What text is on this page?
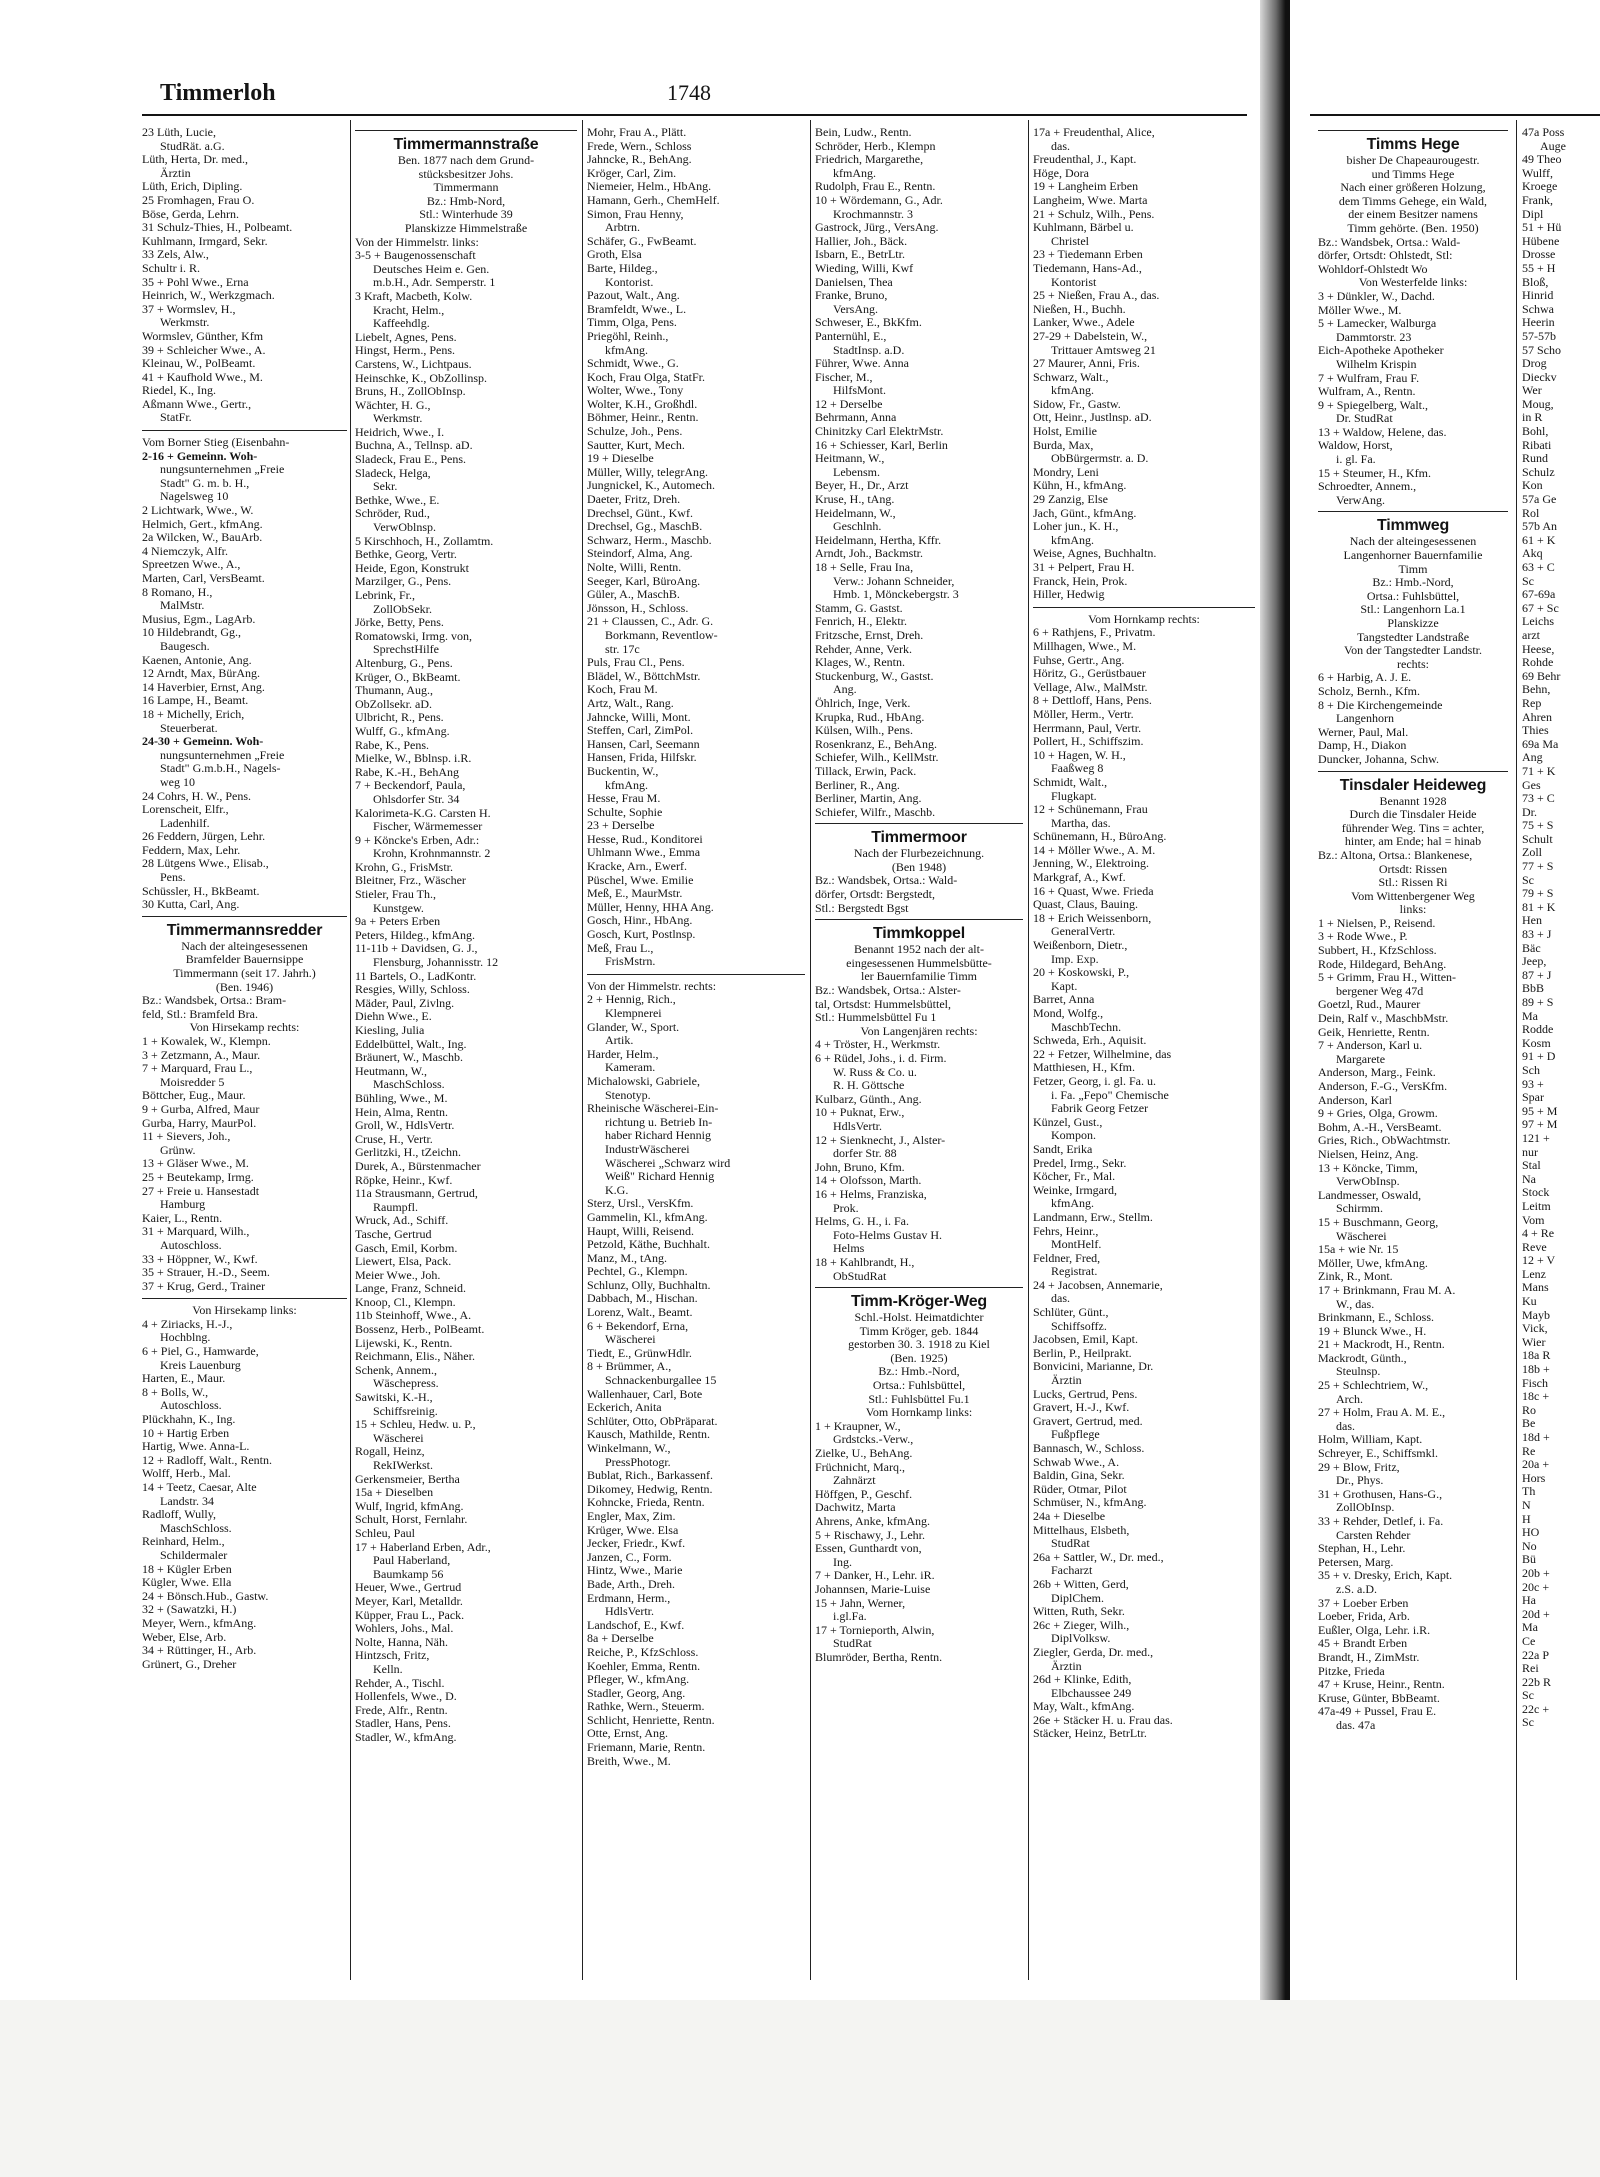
Timmerloh	1748
23 Lüth, Lucie,
StudRät. a.G.
Lüth, Herta, Dr. med.,
Ärztin
Lüth, Erich, Dipling.
25 Fromhagen, Frau O.
Böse, Gerda, Lehrn.
31 Schulz-Thies, H., Polbeamt.
Kuhlmann, Irmgard, Sekr.
33 Zels, Alw.,
Schultr i. R.
35 + Pohl Wwe., Erna
Heinrich, W., Werkzgmach.
37 + Wormslev, H.,
Werkmstr.
Wormslev, Günther, Kfm
39 + Schleicher Wwe., A.
Kleinau, W., PolBeamt.
41 + Kaufhold Wwe., M.
Riedel, K., Ing.
Aßmann Wwe., Gertr.,
StatFr.
Vom Borner Stieg (Eisenbahn-
2-16 + Gemeinn. Woh-
nungsunternehmen „Freie
Stadt" G. m. b. H.,
Nagelsweg 10
2 Lichtwark, Wwe., W.
Helmich, Gert., kfmAng.
2a Wilcken, W., BauArb.
4 Niemczyk, Alfr.
Spreetzen Wwe., A.,
Marten, Carl, VersBeamt.
8 Romano, H.,
MalMstr.
Musius, Egm., LagArb.
10 Hildebrandt, Gg.,
Baugesch.
Kaenen, Antonie, Ang.
12 Arndt, Max, BürAng.
14 Haverbier, Ernst, Ang.
16 Lampe, H., Beamt.
18 + Michelly, Erich,
Steuerberat.
24-30 + Gemeinn. Woh-
nungsunternehmen „Freie
Stadt" G.m.b.H., Nagels-
weg 10
24 Cohrs, H. W., Pens.
Lorenscheit, Elfr.,
Ladenhilf.
26 Feddern, Jürgen, Lehr.
Feddern, Max, Lehr.
28 Lütgens Wwe., Elisab.,
Pens.
Schüssler, H., BkBeamt.
30 Kutta, Carl, Ang.
Timmermannsredder
Nach der alteingesessenen
Bramfelder Bauernsippe
Timmermann (seit 17. Jahrh.)
(Ben. 1946)
Bz.: Wandsbek, Ortsa.: Bram-
feld, Stl.: Bramfeld Bra.
Von Hirsekamp rechts:
1 + Kowalek, W., Klempn.
3 + Zetzmann, A., Maur.
7 + Marquard, Frau L.,
Moisredder 5
Böttcher, Eug., Maur.
9 + Gurba, Alfred, Maur
Gurba, Harry, MaurPol.
11 + Sievers, Joh.,
Grünw.
13 + Gläser Wwe., M.
25 + Beutekamp, Irmg.
27 + Freie u. Hansestadt
Hamburg
Kaier, L., Rentn.
31 + Marquard, Wilh.,
Autoschloss.
33 + Höppner, W., Kwf.
35 + Strauer, H.-D., Seem.
37 + Krug, Gerd., Trainer
Von Hirsekamp links:
4 + Ziriacks, H.-J.,
Hochblng.
6 + Piel, G., Hamwarde,
Kreis Lauenburg
Harten, E., Maur.
8 + Bolls, W.,
Autoschloss.
Plückhahn, K., Ing.
10 + Hartig Erben
Hartig, Wwe. Anna-L.
12 + Radloff, Walt., Rentn.
Wolff, Herb., Mal.
14 + Teetz, Caesar, Alte
Landstr. 34
Radloff, Wully,
MaschSchloss.
Reinhard, Helm.,
Schildermaler
18 + Kügler Erben
Kügler, Wwe. Ella
24 + Bönsch.Hub., Gastw.
32 + (Sawatzki, H.)
Meyer, Wern., kfmAng.
Weber, Else, Arb.
34 + Rüttinger, H., Arb.
Grünert, G., Dreher
Timmermannstraße
Ben. 1877 nach dem Grund-
stücksbesitzer Johs.
Timmermann
Bz.: Hmb-Nord,
Stl.: Winterhude 39
Planskizze Himmelstraße
Von der Himmelstr. links:
3-5 + Baugenossenschaft
Deutsches Heim e. Gen.
m.b.H., Adr. Semperstr. 1
3 Kraft, Macbeth, Kolw.
Kracht, Helm.,
Kaffeehdlg.
Liebelt, Agnes, Pens.
Hingst, Herm., Pens.
Carstens, W., Lichtpaus.
Heinschke, K., ObZollinsp.
Bruns, H., ZollObInsp.
Wächter, H. G.,
Werkmstr.
Heidrich, Wwe., I.
Buchna, A., Tellnsp. aD.
Sladeck, Frau E., Pens.
Sladeck, Helga,
Sekr.
Bethke, Wwe., E.
Schröder, Rud.,
VerwOblnsp.
5 Kirschhoch, H., Zollamtm.
Bethke, Georg, Vertr.
Heide, Egon, Konstrukt
Marzilger, G., Pens.
Lebrink, Fr.,
ZollObSekr.
Jörke, Betty, Pens.
Romatowski, Irmg. von,
SprechstHilfe
Altenburg, G., Pens.
Krüger, O., BkBeamt.
Thumann, Aug.,
ObZollsekr. aD.
Ulbricht, R., Pens.
Wulff, G., kfmAng.
Rabe, K., Pens.
Mielke, W., Bblnsp. i.R.
Rabe, K.-H., BehAng
7 + Beckendorf, Paula,
Ohlsdorfer Str. 34
Kalorimeta-K.G. Carsten H.
Fischer, Wärmemesser
9 + Köncke's Erben, Adr.:
Krohn, Krohnmannstr. 2
Krohn, G., FrisMstr.
Bleitner, Frz., Wäscher
Stieler, Frau Th.,
Kunstgew.
9a + Peters Erben
Peters, Hildeg., kfmAng.
11-11b + Davidsen, G. J.,
Flensburg, Johannisstr. 12
11 Bartels, O., LadKontr.
Resgies, Willy, Schloss.
Mäder, Paul, Zivlng.
Diehn Wwe., E.
Kiesling, Julia
Eddelbüttel, Walt., Ing.
Bräunert, W., Maschb.
Heutmann, W.,
MaschSchloss.
Bühling, Wwe., M.
Hein, Alma, Rentn.
Groll, W., HdlsVertr.
Cruse, H., Vertr.
Gerlitzki, H., tZeichn.
Durek, A., Bürstenmacher
Röpke, Heinr., Kwf.
11a Strausmann, Gertrud,
Raumpfl.
Wruck, Ad., Schiff.
Tasche, Gertrud
Gasch, Emil, Korbm.
Liewert, Elsa, Pack.
Meier Wwe., Joh.
Lange, Franz, Schneid.
Knoop, Cl., Klempn.
11b Steinhoff, Wwe., A.
Bossenz, Herb., PolBeamt.
Lijewski, K., Rentn.
Reichmann, Elis., Näher.
Schenk, Annem.,
Wäschepress.
Sawitski, K.-H.,
Schiffsreinig.
15 + Schleu, Hedw. u. P.,
Wäscherei
Rogall, Heinz,
RekIWerkst.
Gerkensmeier, Bertha
15a + Dieselben
Wulf, Ingrid, kfmAng.
Schult, Horst, Fernlahr.
Schleu, Paul
17 + Haberland Erben, Adr.,
Paul Haberland,
Baumkamp 56
Heuer, Wwe., Gertrud
Meyer, Karl, Metalldr.
Küpper, Frau L., Pack.
Wohlers, Johs., Mal.
Nolte, Hanna, Näh.
Hintzsch, Fritz,
Kelln.
Rehder, A., Tischl.
Hollenfels, Wwe., D.
Frede, Alfr., Rentn.
Stadler, Hans, Pens.
Stadler, W., kfmAng.
Mohr, Frau A., Plätt.
Frede, Wern., Schloss
Jahncke, R., BehAng.
Kröger, Carl, Zim.
Niemeier, Helm., HbAng.
Hamann, Gerh., ChemHelf.
Simon, Frau Henny,
Arbtrn.
Schäfer, G., FwBeamt.
Groth, Elsa
Barte, Hildeg.,
Kontorist.
Pazout, Walt., Ang.
Bramfeldt, Wwe., L.
Timm, Olga, Pens.
Priegöhl, Reinh.,
kfmAng.
Schmidt, Wwe., G.
Koch, Frau Olga, StatFr.
Wolter, Wwe., Tony
Wolter, K.H., Großhdl.
Böhmer, Heinr., Rentn.
Schulze, Joh., Pens.
Sautter, Kurt, Mech.
19 + Dieselbe
Müller, Willy, telegrAng.
Jungnickel, K., Automech.
Daeter, Fritz, Dreh.
Drechsel, Günt., Kwf.
Drechsel, Gg., MaschB.
Schwarz, Herm., Maschb.
Steindorf, Alma, Ang.
Nolte, Willi, Rentn.
Seeger, Karl, BüroAng.
Güler, A., MaschB.
Jönsson, H., Schloss.
21 + Claussen, C., Adr. G.
Borkmann, Reventlow-
str. 17c
Puls, Frau Cl., Pens.
Blädel, W., BöttchMstr.
Koch, Frau M.
Artz, Walt., Rang.
Jahncke, Willi, Mont.
Steffen, Carl, ZimPol.
Hansen, Carl, Seemann
Hansen, Frida, Hilfskr.
Buckentin, W.,
kfmAng.
Hesse, Frau M.
Schulte, Sophie
23 + Derselbe
Hesse, Rud., Konditorei
Uhlmann Wwe., Emma
Kracke, Arn., Ewerf.
Püschel, Wwe. Emilie
Meß, E., MaurMstr.
Müller, Henny, HHA Ang.
Gosch, Hinr., HbAng.
Gosch, Kurt, Postlnsp.
Meß, Frau L.,
FrisMstrn.
Von der Himmelstr. rechts:
2 + Hennig, Rich.,
Klempnerei
Glander, W., Sport.
Artik.
Harder, Helm.,
Kameram.
Michalowski, Gabriele,
Stenotyp.
Rheinische Wäscherei-Ein-
richtung u. Betrieb In-
haber Richard Hennig
IndustrWäscherei
Wäscherei „Schwarz wird
Weiß" Richard Hennig
K.G.
Sterz, Ursl., VersKfm.
Gammelin, Kl., kfmAng.
Haupt, Willi, Reisend.
Petzold, Käthe, Buchhalt.
Manz, M., tAng.
Pechtel, G., Klempn.
Schlunz, Olly, Buchhaltn.
Dabbach, M., Hischan.
Lorenz, Walt., Beamt.
6 + Bekendorf, Erna,
Wäscherei
Tiedt, E., GrünwHdlr.
8 + Brümmer, A.,
Schnackenburgallee 15
Wallenhauer, Carl, Bote
Eckerich, Anita
Schlüter, Otto, ObPräparat.
Kausch, Mathilde, Rentn.
Winkelmann, W.,
PressPhotogr.
Bublat, Rich., Barkassenf.
Dikomey, Hedwig, Rentn.
Kohncke, Frieda, Rentn.
Engler, Max, Zim.
Krüger, Wwe. Elsa
Jecker, Friedr., Kwf.
Janzen, C., Form.
Hintz, Wwe., Marie
Bade, Arth., Dreh.
Erdmann, Herm.,
HdlsVertr.
Landschof, E., Kwf.
8a + Derselbe
Reiche, P., KfzSchloss.
Koehler, Emma, Rentn.
Pfleger, W., kfmAng.
Stadler, Georg, Ang.
Rathke, Wern., Steuerm.
Schlicht, Henriette, Rentn.
Otte, Ernst, Ang.
Friemann, Marie, Rentn.
Breith, Wwe., M.
Bein, Ludw., Rentn.
Schröder, Herb., Klempn
Friedrich, Margarethe,
kfmAng.
Rudolph, Frau E., Rentn.
10 + Wördemann, G., Adr.
Krochmannstr. 3
Gastrock, Jürg., VersAng.
Hallier, Joh., Bäck.
Isbarn, E., BetrLtr.
Wieding, Willi, Kwf
Danielsen, Thea
Franke, Bruno,
VersAng.
Schweser, E., BkKfm.
Panternühl, E.,
StadtInsp. a.D.
Führer, Wwe. Anna
Fischer, M.,
HilfsMont.
12 + Derselbe
Behrmann, Anna
Chinitzky Carl ElektrMstr.
16 + Schiesser, Karl, Berlin
Heitmann, W.,
Lebensm.
Beyer, H., Dr., Arzt
Kruse, H., tAng.
Heidelmann, W.,
Geschlnh.
Heidelmann, Hertha, Kffr.
Arndt, Joh., Backmstr.
18 + Selle, Frau Ina,
Verw.: Johann Schneider,
Hmb. 1, Mönckebergstr. 3
Stamm, G. Gastst.
Fenrich, H., Elektr.
Fritzsche, Ernst, Dreh.
Rehder, Anne, Verk.
Klages, W., Rentn.
Stuckenburg, W., Gastst.
Ang.
Öhlrich, Inge, Verk.
Krupka, Rud., HbAng.
Külsen, Wilh., Pens.
Rosenkranz, E., BehAng.
Schiefer, Wilh., KellMstr.
Tillack, Erwin, Pack.
Berliner, R., Ang.
Berliner, Martin, Ang.
Schiefer, Wilfr., Maschb.
Timmermoor
Nach der Flurbezeichnung.
(Ben 1948)
Bz.: Wandsbek, Ortsa.: Wald-
dörfer, Ortsdt: Bergstedt,
Stl.: Bergstedt Bgst
Timmkoppel
Benannt 1952 nach der alt-
eingesessenen Hummelsbütte-
ler Bauernfamilie Timm
Bz.: Wandsbek, Ortsa.: Alster-
tal, Ortsdst: Hummelsbüttel,
Stl.: Hummelsbüttel Fu 1
Von Langenjären rechts:
4 + Tröster, H., Werkmstr.
6 + Rüdel, Johs., i. d. Firm.
W. Russ & Co. u.
R. H. Göttsche
Kulbarz, Günth., Ang.
10 + Puknat, Erw.,
HdlsVertr.
12 + Sienknecht, J., Alster-
dorfer Str. 88
John, Bruno, Kfm.
14 + Olofsson, Marth.
16 + Helms, Franziska,
Prok.
Helms, G. H., i. Fa.
Foto-Helms Gustav H.
Helms
18 + Kahlbrandt, H.,
ObStudRat
Timm-Kröger-Weg
Schl.-Holst. Heimatdichter
Timm Kröger, geb. 1844
gestorben 30. 3. 1918 zu Kiel
(Ben. 1925)
Bz.: Hmb.-Nord,
Ortsa.: Fuhlsbüttel,
Stl.: Fuhlsbüttel Fu.1
Vom Hornkamp links:
1 + Kraupner, W.,
Grdstcks.-Verw.,
Zielke, U., BehAng.
Früchnicht, Marq.,
Zahnärzt
Höffgen, P., Geschf.
Dachwitz, Marta
Ahrens, Anke, kfmAng.
5 + Rischawy, J., Lehr.
Essen, Gunthardt von,
Ing.
7 + Danker, H., Lehr. iR.
Johannsen, Marie-Luise
15 + Jahn, Werner,
i.gl.Fa.
17 + Tornieporth, Alwin,
StudRat
Blumröder, Bertha, Rentn.
17a + Freudenthal, Alice,
das.
Freudenthal, J., Kapt.
Höge, Dora
19 + Langheim Erben
Langheim, Wwe. Marta
21 + Schulz, Wilh., Pens.
Kuhlmann, Bärbel u.
Christel
23 + Tiedemann Erben
Tiedemann, Hans-Ad.,
Kontorist
25 + Nießen, Frau A., das.
Nießen, H., Buchh.
Lanker, Wwe., Adele
27-29 + Dabelstein, W.,
Trittauer Amtsweg 21
27 Maurer, Anni, Fris.
Schwarz, Walt.,
kfmAng.
Sidow, Fr., Gastw.
Ott, Heinr., Justlnsp. aD.
Holst, Emilie
Burda, Max,
ObBürgermstr. a. D.
Mondry, Leni
Kühn, H., kfmAng.
29 Zanzig, Else
Jach, Günt., kfmAng.
Loher jun., K. H.,
kfmAng.
Weise, Agnes, Buchhaltn.
31 + Pelpert, Frau H.
Franck, Hein, Prok.
Hiller, Hedwig
Vom Hornkamp rechts:
6 + Rathjens, F., Privatm.
Millhagen, Wwe., M.
Fuhse, Gertr., Ang.
Höritz, G., Gerüstbauer
Vellage, Alw., MalMstr.
8 + Dettloff, Hans, Pens.
Möller, Herm., Vertr.
Herrmann, Paul, Vertr.
Pollert, H., Schiffszim.
10 + Hagen, W. H.,
Faaßweg 8
Schmidt, Walt.,
Flugkapt.
12 + Schünemann, Frau
Martha, das.
Schünemann, H., BüroAng.
14 + Möller Wwe., A. M.
Jenning, W., Elektroing.
Markgraf, A., Kwf.
16 + Quast, Wwe. Frieda
Quast, Claus, Bauing.
18 + Erich Weissenborn,
GeneralVertr.
Weißenborn, Dietr.,
Imp. Exp.
20 + Koskowski, P.,
Kapt.
Barret, Anna
Mond, Wolfg.,
MaschbTechn.
Schweda, Erh., Aquisit.
22 + Fetzer, Wilhelmine, das
Matthiesen, H., Kfm.
Fetzer, Georg, i. gl. Fa. u.
i. Fa. „Fepo" Chemische
Fabrik Georg Fetzer
Künzel, Gust.,
Kompon.
Sandt, Erika
Predel, Irmg., Sekr.
Köcher, Fr., Mal.
Weinke, Irmgard,
kfmAng.
Landmann, Erw., Stellm.
Fehrs, Heinr.,
MontHelf.
Feldner, Fred,
Registrat.
24 + Jacobsen, Annemarie,
das.
Schlüter, Günt.,
Schiffsoffz.
Jacobsen, Emil, Kapt.
Berlin, P., Heilprakt.
Bonvicini, Marianne, Dr.
Ärztin
Lucks, Gertrud, Pens.
Gravert, H.-J., Kwf.
Gravert, Gertrud, med.
Fußpflege
Bannasch, W., Schloss.
Schwab Wwe., A.
Baldin, Gina, Sekr.
Rüder, Otmar, Pilot
Schmüser, N., kfmAng.
24a + Dieselbe
Mittelhaus, Elsbeth,
StudRat
26a + Sattler, W., Dr. med.,
Facharzt
26b + Witten, Gerd,
DiplChem.
Witten, Ruth, Sekr.
26c + Zieger, Wilh.,
DiplVolksw.
Ziegler, Gerda, Dr. med.,
Ärztin
26d + Klinke, Edith,
Elbchaussee 249
May, Walt., kfmAng.
26e + Stäcker H. u. Frau das.
Stäcker, Heinz, BetrLtr.
Timms Hege
bisher De Chapeaurougestr.
und Timms Hege
Nach einer größeren Holzung,
dem Timms Gehege, ein Wald,
der einem Besitzer namens
Timm gehörte. (Ben. 1950)
Bz.: Wandsbek, Ortsa.: Wald-
dörfer, Ortsdt: Ohlstedt, Stl:
Wohldorf-Ohlstedt Wo
Von Westerfelde links:
3 + Dünkler, W., Dachd.
Möller Wwe., M.
5 + Lamecker, Walburga
Dammtorstr. 23
Eich-Apotheke Apotheker
Wilhelm Krispin
7 + Wulfram, Frau F.
Wulfram, A., Rentn.
9 + Spiegelberg, Walt.,
Dr. StudRat
13 + Waldow, Helene, das.
Waldow, Horst,
i. gl. Fa.
15 + Steumer, H., Kfm.
Schroedter, Annem.,
VerwAng.
Timmweg
Nach der alteingesessenen
Langenhorner Bauernfamilie
Timm
Bz.: Hmb.-Nord,
Ortsa.: Fuhlsbüttel,
Stl.: Langenhorn La.1
Planskizze
Tangstedter Landstraße
Von der Tangstedter Landstr.
rechts:
6 + Harbig, A. J. E.
Scholz, Bernh., Kfm.
8 + Die Kirchengemeinde
Langenhorn
Werner, Paul, Mal.
Damp, H., Diakon
Duncker, Johanna, Schw.
Tinsdaler Heideweg
Benannt 1928
Durch die Tinsdaler Heide
führender Weg. Tins = achter,
hinter, am Ende; hal = hinab
Bz.: Altona, Ortsa.: Blankenese,
Ortsdt: Rissen
Stl.: Rissen Ri
Vom Wittenbergener Weg
links:
1 + Nielsen, P., Reisend.
3 + Rode Wwe., P.
Subbert, H., KfzSchloss.
Rode, Hildegard, BehAng.
5 + Grimm, Frau H., Witten-
bergener Weg 47d
Goetzl, Rud., Maurer
Dein, Ralf v., MaschbMstr.
Geik, Henriette, Rentn.
7 + Anderson, Karl u.
Margarete
Anderson, Marg., Feink.
Anderson, F.-G., VersKfm.
Anderson, Karl
9 + Gries, Olga, Growm.
Bohm, A.-H., VersBeamt.
Gries, Rich., ObWachtmstr.
Nielsen, Heinz, Ang.
13 + Köncke, Timm,
VerwObInsp.
Landmesser, Oswald,
Schirmm.
15 + Buschmann, Georg,
Wäscherei
15a + wie Nr. 15
Möller, Uwe, kfmAng.
Zink, R., Mont.
17 + Brinkmann, Frau M. A.
W., das.
Brinkmann, E., Schloss.
19 + Blunck Wwe., H.
21 + Mackrodt, H., Rentn.
Mackrodt, Günth.,
Steulnsp.
25 + Schlechtriem, W.,
Arch.
27 + Holm, Frau A. M. E.,
das.
Holm, William, Kapt.
Schreyer, E., Schiffsmkl.
29 + Blow, Fritz,
Dr., Phys.
31 + Grothusen, Hans-G.,
ZollObInsp.
33 + Rehder, Detlef, i. Fa.
Carsten Rehder
Stephan, H., Lehr.
Petersen, Marg.
35 + v. Dresky, Erich, Kapt.
z.S. a.D.
37 + Loeber Erben
Loeber, Frida, Arb.
Eußler, Olga, Lehr. i.R.
45 + Brandt Erben
Brandt, H., ZimMstr.
Pitzke, Frieda
47 + Kruse, Heinr., Rentn.
Kruse, Günter, BbBeamt.
47a-49 + Pussel, Frau E.
das. 47a
47a Poss
Auge
49 Theo
Wulff,
Kroege
Frank,
Dipl
51 + Hü
Hübene
Drosse
55 + H
Bloß,
Hinrid
Schwa
Heerin
57-57b
57 Scho
Drog
Dieckv
Wer
Moug,
in R
Bohl,
Ribati
Rund
Schulz
Kon
57a Ge
Rol
57b An
61 + K
Akq
63 + C
Sc
67-69a
67 + Sc
Leichs
arzt
Heese,
Rohde
69 Behr
Behn,
Rep
Ahren
Thies
69a Ma
Ang
71 + K
Ges
73 + C
Dr.
75 + S
Schult
Zoll
77 + S
Sc
79 + S
81 + K
Hen
83 + J
Bäc
Jeep,
87 + J
BbB
89 + S
Ma
Rodde
Kosm
91 + D
Sch
93 +
Spar
95 + M
97 + M
121 +
nur
Stal
Na
Stock
Leitm
Vom
4 + Re
Reve
12 + V
Lenz
Mans
Ku
Mayb
Vick,
Wier
18a R
18b +
Fisch
18c +
Ro
Be
18d +
Re
20a +
Hors
Th
N
H
HO
No
Bü
20b +
20c +
Ha
20d +
Ma
Ce
22a P
Rei
22b R
Sc
22c +
Sc
